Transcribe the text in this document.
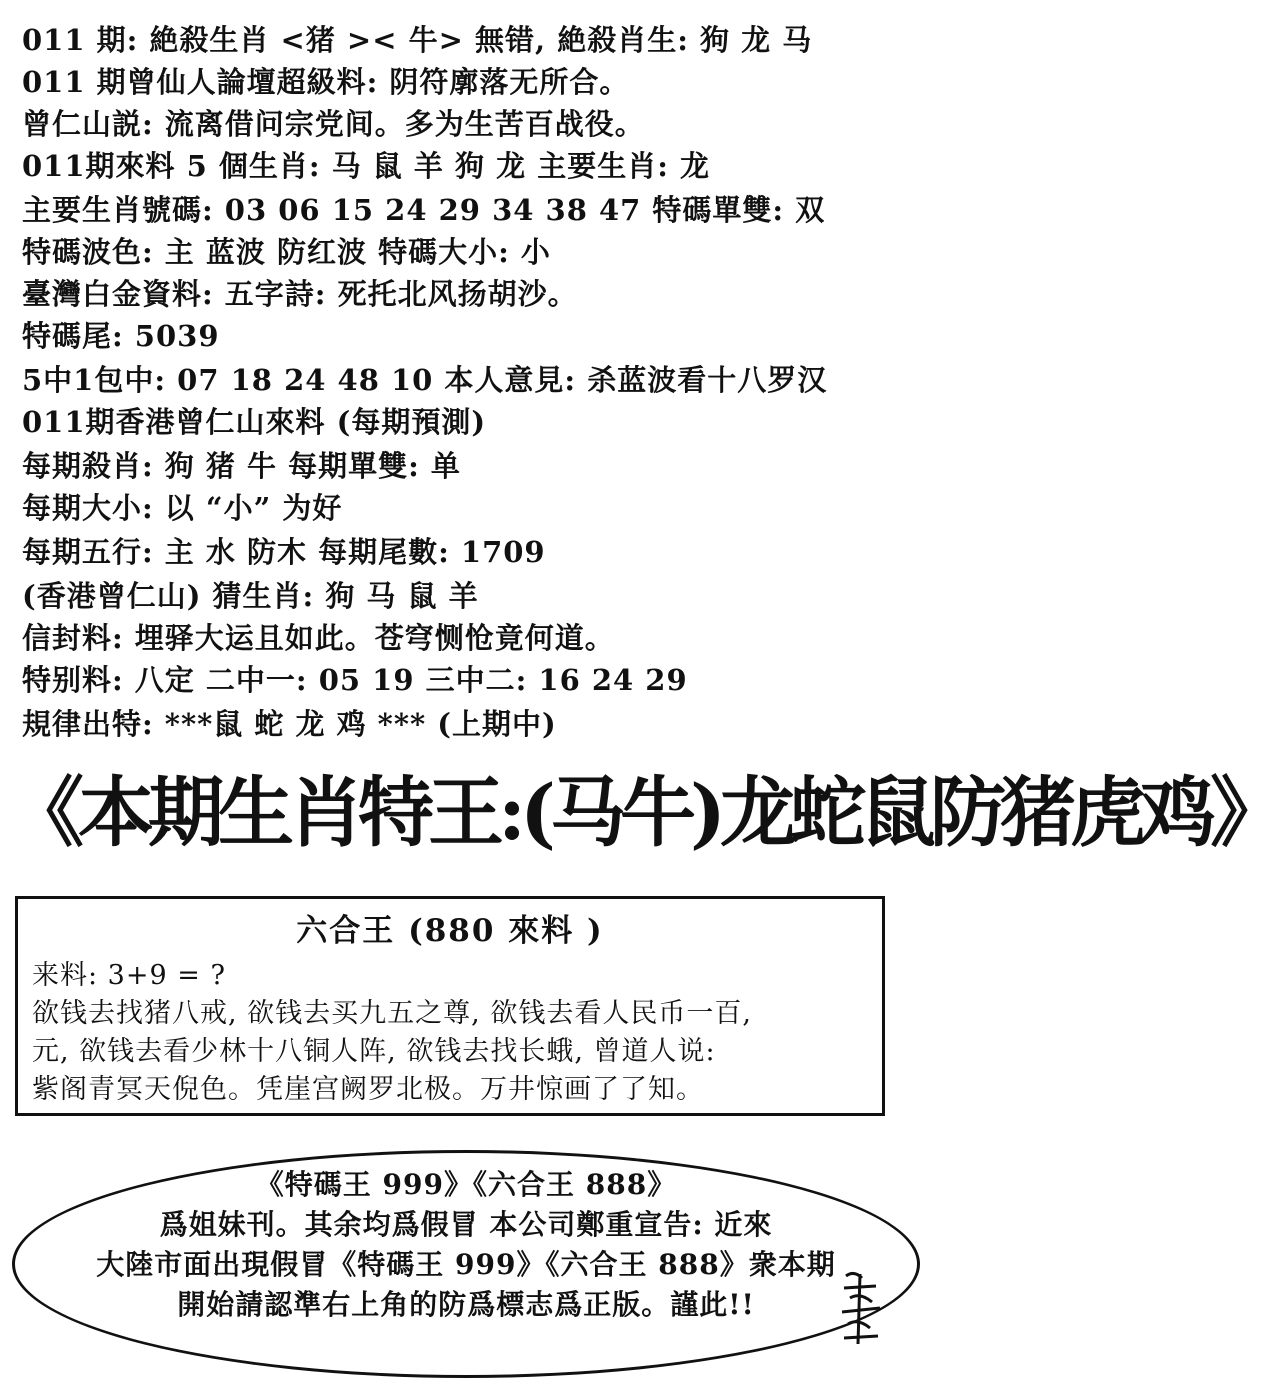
011 期: 絶殺生肖 <猪 >< 牛> 無错, 絶殺肖生: 狗 龙 马
011 期曾仙人論壇超級料: 阴符廓落无所合。
曾仁山説: 流离借问宗党间。多为生苦百战役。
011期來料 5 個生肖: 马 鼠 羊 狗 龙 主要生肖: 龙
主要生肖號碼: 03 06 15 24 29 34 38 47 特碼單雙: 双
特碼波色: 主 蓝波 防红波 特碼大小: 小
臺灣白金資料: 五字詩: 死托北风扬胡沙。
特碼尾: 5039
5中1包中: 07 18 24 48 10 本人意見: 杀蓝波看十八罗汉
011期香港曾仁山來料 (每期預測)
每期殺肖: 狗 猪 牛 每期單雙: 单
每期大小: 以 “小” 为好
每期五行: 主 水 防木 每期尾數: 1709
(香港曾仁山) 猜生肖: 狗 马 鼠 羊
信封料: 埋驿大运且如此。苍穹恻怆竟何道。
特别料: 八定 二中一: 05 19 三中二: 16 24 29
規律出特: ***鼠 蛇 龙 鸡 *** (上期中)
《本期生肖特王:(马牛)龙蛇鼠防猪虎鸡》
六合王 (880 來料 )
来料: 3+9 = ?
欲钱去找猪八戒, 欲钱去买九五之尊, 欲钱去看人民币一百,
元, 欲钱去看少林十八铜人阵, 欲钱去找长蛾, 曾道人说:
紫阁青冥天倪色。凭崖宫阙罗北极。万井惊画了了知。
《特碼王 999》《六合王 888》
爲姐妹刊。其余均爲假冒 本公司鄭重宣告: 近來
大陸市面出現假冒《特碼王 999》《六合王 888》衆本期
開始請認準右上角的防爲標志爲正版。謹此!!
